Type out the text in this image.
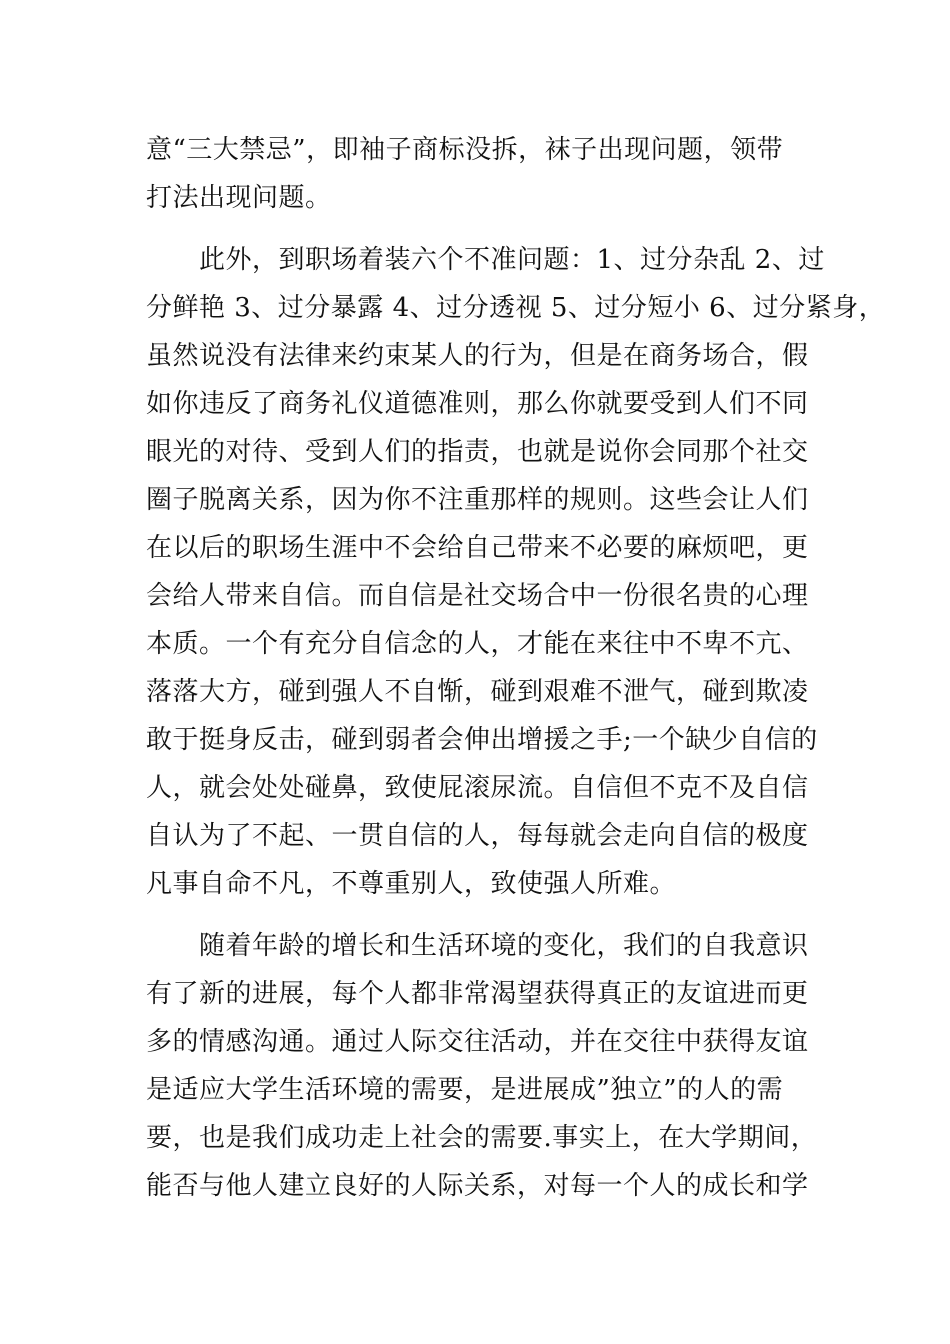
意“三大禁忌”，即袖子商标没拆，袜子出现问题，领带
打法出现问题。
　　此外，到职场着装六个不准问题：1、过分杂乱 2、过
分鲜艳 3、过分暴露 4、过分透视 5、过分短小 6、过分紧身，
虽然说没有法律来约束某人的行为，但是在商务场合，假
如你违反了商务礼仪道德准则，那么你就要受到人们不同
眼光的对待、受到人们的指责，也就是说你会同那个社交
圈子脱离关系，因为你不注重那样的规则。这些会让人们
在以后的职场生涯中不会给自己带来不必要的麻烦吧，更
会给人带来自信。而自信是社交场合中一份很名贵的心理
本质。一个有充分自信念的人，才能在来往中不卑不亢、
落落大方，碰到强人不自惭，碰到艰难不泄气，碰到欺凌
敢于挺身反击，碰到弱者会伸出增援之手;一个缺少自信的
人，就会处处碰鼻，致使屁滚尿流。自信但不克不及自信
自认为了不起、一贯自信的人，每每就会走向自信的极度
凡事自命不凡，不尊重别人，致使强人所难。
　　随着年龄的增长和生活环境的变化，我们的自我意识
有了新的进展，每个人都非常渴望获得真正的友谊进而更
多的情感沟通。通过人际交往活动，并在交往中获得友谊
是适应大学生活环境的需要，是进展成”独立”的人的需
要，也是我们成功走上社会的需要.事实上，在大学期间，
能否与他人建立良好的人际关系，对每一个人的成长和学
